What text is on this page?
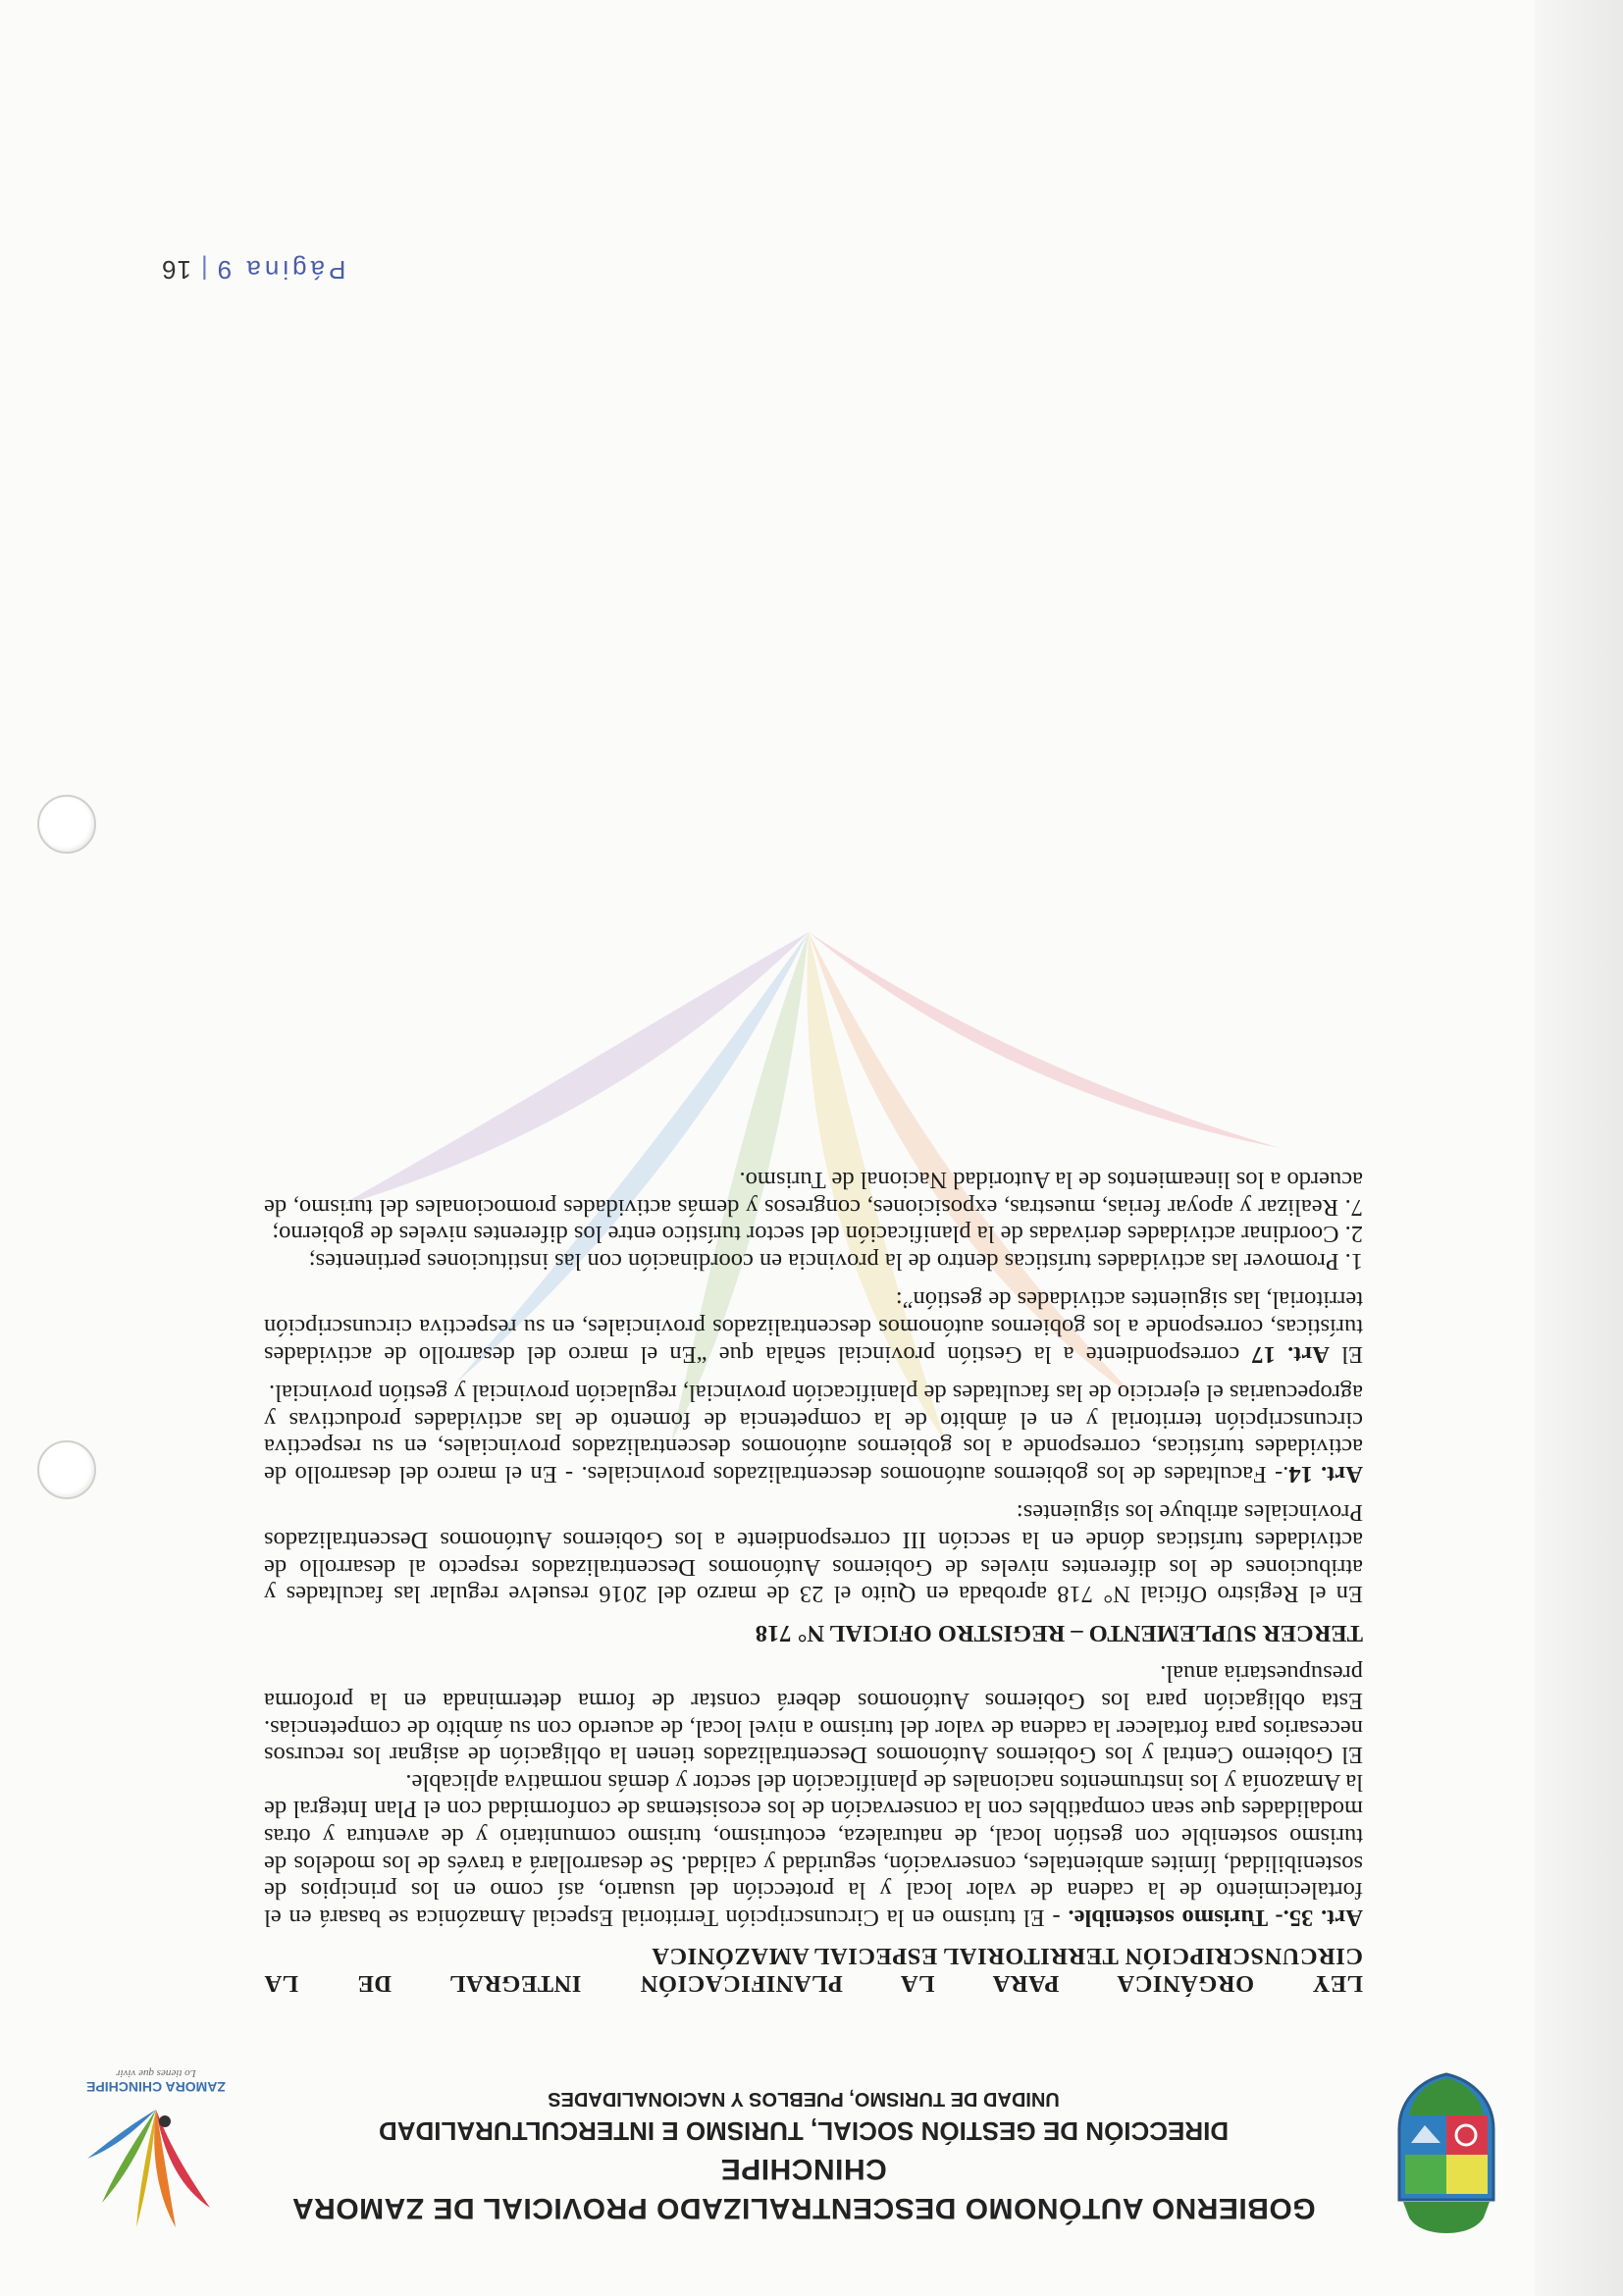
GOBIERNO AUTÓNOMO DESCENTRALIZADO PROVICIAL DE ZAMORA CHINCHIPE
DIRECCIÓN DE GESTIÓN SOCIAL, TURISMO E INTERCULTURALIDAD
UNIDAD DE TURISMO, PUEBLOS Y NACIONALIDADES
ZAMORA CHINCHIPE
Lo tienes que vivir

LEY ORGÁNICA PARA LA PLANIFICACIÓN INTEGRAL DE LA

CIRCUNSCRIPCIÓN TERRITORIAL ESPECIAL AMAZÓNICA

Art. 35.- Turismo sostenible. - El turismo en la Circunscripción Territorial Especial Amazónica se basará en el fortalecimiento de la cadena de valor local y la protección del usuario, así como en los principios de sostenibilidad, límites ambientales, conservación, seguridad y calidad. Se desarrollará a través de los modelos de turismo sostenible con gestión local, de naturaleza, ecoturismo, turismo comunitario y de aventura y otras modalidades que sean compatibles con la conservación de los ecosistemas de conformidad con el Plan Integral de la Amazonía y los instrumentos nacionales de planificación del sector y demás normativa aplicable.

El Gobierno Central y los Gobiernos Autónomos Descentralizados tienen la obligación de asignar los recursos necesarios para fortalecer la cadena de valor del turismo a nivel local, de acuerdo con su ámbito de competencias. Esta obligación para los Gobiernos Autónomos deberá constar de forma determinada en la proforma presupuestaria anual.

TERCER SUPLEMENTO – REGISTRO OFICIAL N° 718

En el Registro Oficial N° 718 aprobada en Quito el 23 de marzo del 2016 resuelve regular las facultades y atribuciones de los diferentes niveles de Gobiernos Autónomos Descentralizados respecto al desarrollo de actividades turísticas dónde en la sección III correspondiente a los Gobiernos Autónomos Descentralizados Provinciales atribuye los siguientes:

Art. 14.- Facultades de los gobiernos autónomos descentralizados provinciales. - En el marco del desarrollo de actividades turísticas, corresponde a los gobiernos autónomos descentralizados provinciales, en su respectiva circunscripción territorial y en el ámbito de la competencia de fomento de las actividades productivas y agropecuarias el ejercicio de las facultades de planificación provincial, regulación provincial y gestión provincial.

El Art. 17 correspondiente a la Gestión provincial señala que “En el marco del desarrollo de actividades turísticas, corresponde a los gobiernos autónomos descentralizados provinciales, en su respectiva circunscripción territorial, las siguientes actividades de gestión”:

1. Promover las actividades turísticas dentro de la provincia en coordinación con las instituciones pertinentes;

2. Coordinar actividades derivadas de la planificación del sector turístico entre los diferentes niveles de gobierno;

7. Realizar y apoyar ferias, muestras, exposiciones, congresos y demás actividades promocionales del turismo, de acuerdo a los lineamientos de la Autoridad Nacional de Turismo.

Página 9|16
